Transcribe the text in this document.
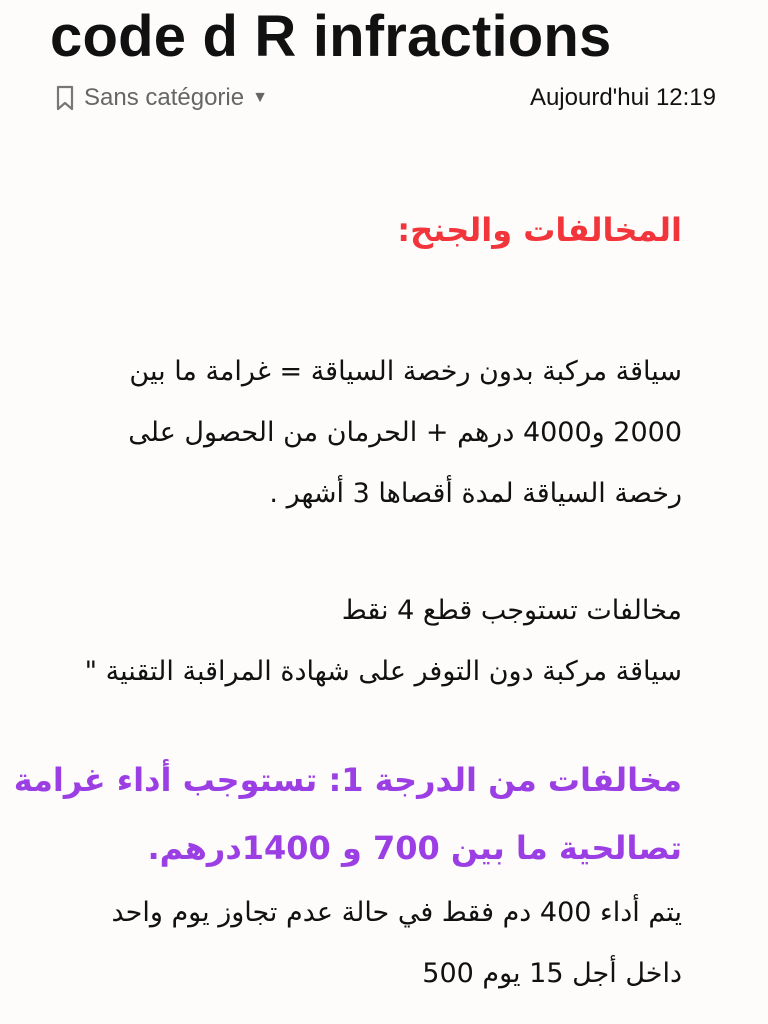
code d R infractions
Sans catégorie ▼	Aujourd'hui 12:19

المخالفات والجنح:

سياقة مركبة بدون رخصة السياقة = غرامة ما بين

2000 و4000 درهم + الحرمان من الحصول على

رخصة السياقة لمدة أقصاها 3 أشهر .

مخالفات تستوجب قطع 4 نقط

سياقة مركبة دون التوفر على شهادة المراقبة التقنية "

مخالفات من الدرجة 1: تستوجب أداء غرامة

تصالحية ما بين 700 و 1400درهم.

يتم أداء 400 دم فقط في حالة عدم تجاوز يوم واحد

داخل أجل 15 يوم 500
